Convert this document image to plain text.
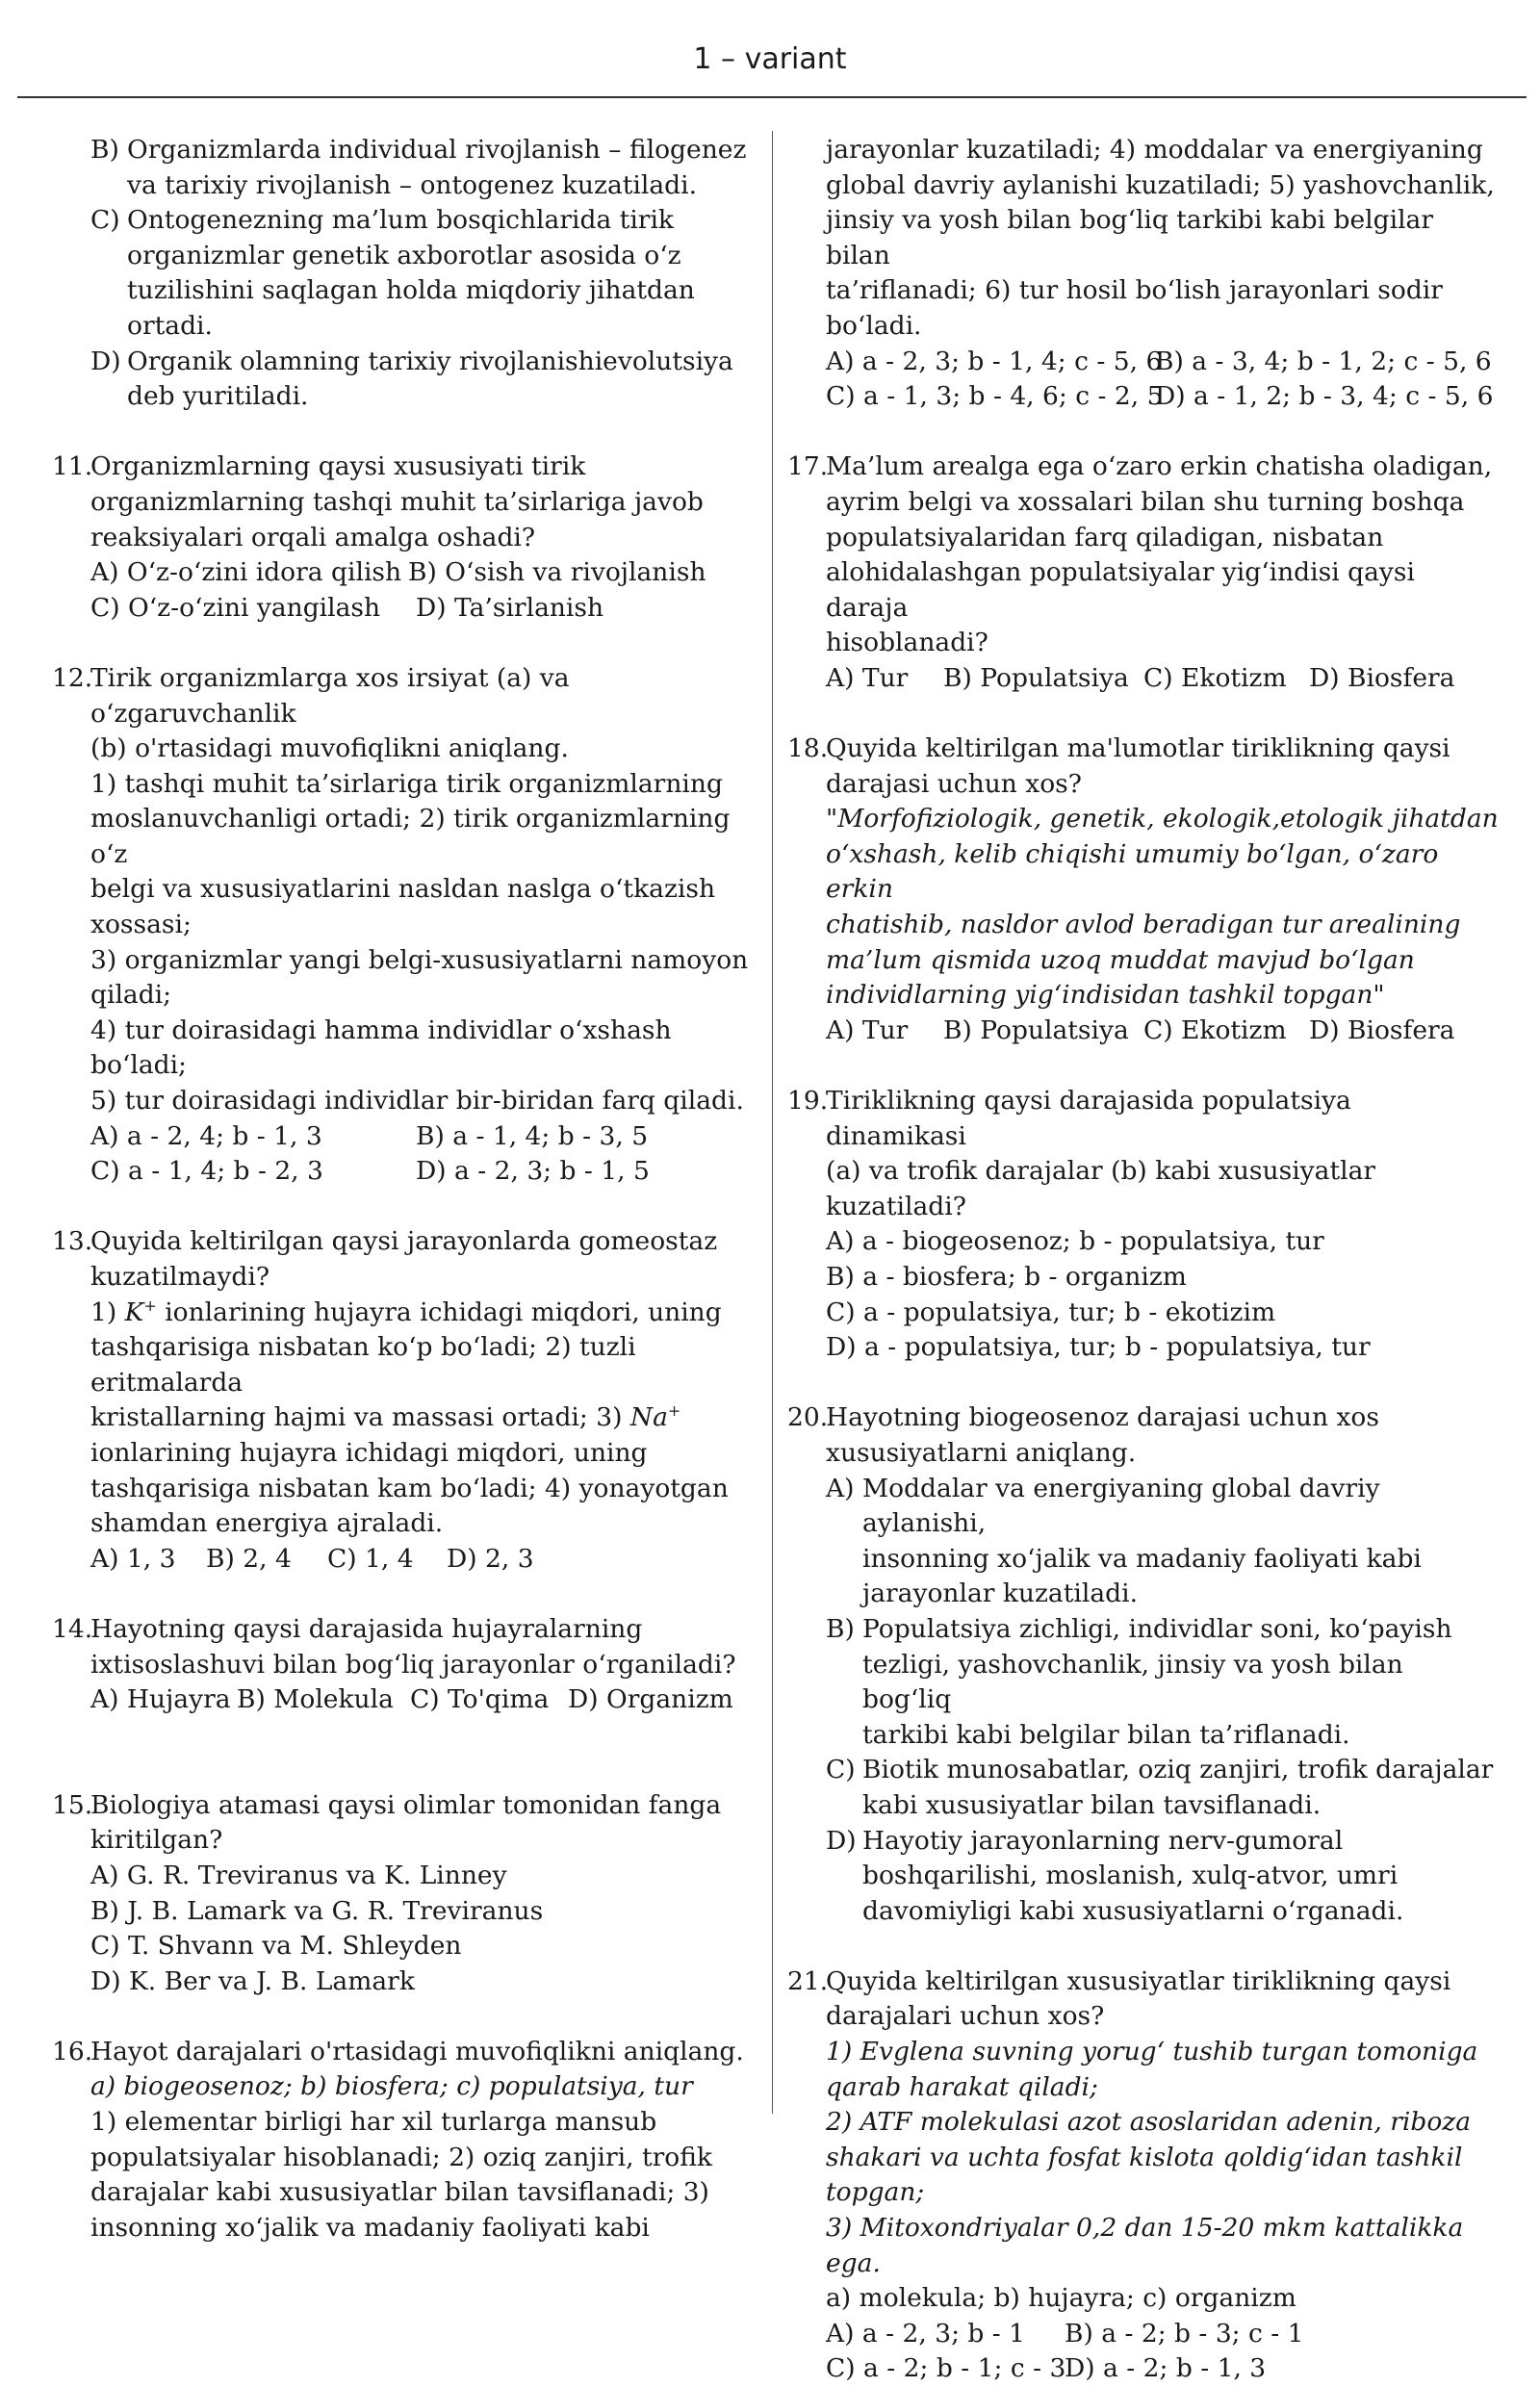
1 – variant
B) Organizmlarda individual rivojlanish – filogenez
va tarixiy rivojlanish – ontogenez kuzatiladi.
C) Ontogenezning ma’lum bosqichlarida tirik
organizmlar genetik axborotlar asosida o‘z
tuzilishini saqlagan holda miqdoriy jihatdan
ortadi.
D) Organik olamning tarixiy rivojlanishievolutsiya
deb yuritiladi.
11.
Organizmlarning qaysi xususiyati tirik
organizmlarning tashqi muhit ta’sirlariga javob
reaksiyalari orqali amalga oshadi?
A) O‘z-o‘zini idora qilish B) O‘sish va rivojlanish
C) O‘z-o‘zini yangilash	D) Ta’sirlanish
12.
Tirik organizmlarga xos irsiyat (a) va o‘zgaruvchanlik
(b) o'rtasidagi muvofiqlikni aniqlang.
1) tashqi muhit ta’sirlariga tirik organizmlarning
moslanuvchanligi ortadi; 2) tirik organizmlarning o‘z
belgi va xususiyatlarini nasldan naslga o‘tkazish
xossasi;
3) organizmlar yangi belgi-xususiyatlarni namoyon
qiladi;
4) tur doirasidagi hamma individlar o‘xshash bo‘ladi;
5) tur doirasidagi individlar bir-biridan farq qiladi.
A) a - 2, 4; b - 1, 3	B) a - 1, 4; b - 3, 5
C) a - 1, 4; b - 2, 3	D) a - 2, 3; b - 1, 5
13.
Quyida keltirilgan qaysi jarayonlarda gomeostaz
kuzatilmaydi?
1) K+ ionlarining hujayra ichidagi miqdori, uning
tashqarisiga nisbatan ko‘p bo‘ladi; 2) tuzli eritmalarda
kristallarning hajmi va massasi ortadi; 3) Na+
ionlarining hujayra ichidagi miqdori, uning
tashqarisiga nisbatan kam bo‘ladi; 4) yonayotgan
shamdan energiya ajraladi.
A) 1, 3	B) 2, 4	C) 1, 4	D) 2, 3
14.
Hayotning qaysi darajasida hujayralarning
ixtisoslashuvi bilan bog‘liq jarayonlar o‘rganiladi?
A) Hujayra B) Molekula C) To'qima D) Organizm
15.
Biologiya atamasi qaysi olimlar tomonidan fanga
kiritilgan?
A) G. R. Treviranus va K. Linney
B) J. B. Lamark va G. R. Treviranus
C) T. Shvann va M. Shleyden
D) K. Ber va J. B. Lamark
16.
Hayot darajalari o'rtasidagi muvofiqlikni aniqlang.
a) biogeosenoz; b) biosfera; c) populatsiya, tur
1) elementar birligi har xil turlarga mansub
populatsiyalar hisoblanadi; 2) oziq zanjiri, trofik
darajalar kabi xususiyatlar bilan tavsiflanadi; 3)
insonning xo‘jalik va madaniy faoliyati kabi
jarayonlar kuzatiladi; 4) moddalar va energiyaning
global davriy aylanishi kuzatiladi; 5) yashovchanlik,
jinsiy va yosh bilan bog‘liq tarkibi kabi belgilar bilan
ta’riflanadi; 6) tur hosil bo‘lish jarayonlari sodir
bo‘ladi.
A) a - 2, 3; b - 1, 4; c - 5, 6
B) a - 3, 4; b - 1, 2; c - 5, 6
C) a - 1, 3; b - 4, 6; c - 2, 5
D) a - 1, 2; b - 3, 4; c - 5, 6
17.
Ma’lum arealga ega o‘zaro erkin chatisha oladigan,
ayrim belgi va xossalari bilan shu turning boshqa
populatsiyalaridan farq qiladigan, nisbatan
alohidalashgan populatsiyalar yig‘indisi qaysi daraja
hisoblanadi?
A) Tur	B) Populatsiya C) Ekotizm D) Biosfera
18.
Quyida keltirilgan ma'lumotlar tiriklikning qaysi
darajasi uchun xos?
"Morfofiziologik, genetik, ekologik,etologik jihatdan
o‘xshash, kelib chiqishi umumiy bo‘lgan, o‘zaro erkin
chatishib, nasldor avlod beradigan tur arealining
ma’lum qismida uzoq muddat mavjud bo‘lgan
individlarning yig‘indisidan tashkil topgan"
A) Tur	B) Populatsiya C) Ekotizm D) Biosfera
19.
Tiriklikning qaysi darajasida populatsiya dinamikasi
(a) va trofik darajalar (b) kabi xususiyatlar kuzatiladi?
A) a - biogeosenoz; b - populatsiya, tur
B) a - biosfera; b - organizm
C) a - populatsiya, tur; b - ekotizim
D) a - populatsiya, tur; b - populatsiya, tur
20.
Hayotning biogeosenoz darajasi uchun xos
xususiyatlarni aniqlang.
A) Moddalar va energiyaning global davriy aylanishi,
insonning xo‘jalik va madaniy faoliyati kabi
jarayonlar kuzatiladi.
B) Populatsiya zichligi, individlar soni, ko‘payish
tezligi, yashovchanlik, jinsiy va yosh bilan bog‘liq
tarkibi kabi belgilar bilan ta’riflanadi.
C) Biotik munosabatlar, oziq zanjiri, trofik darajalar
kabi xususiyatlar bilan tavsiflanadi.
D) Hayotiy jarayonlarning nerv-gumoral
boshqarilishi, moslanish, xulq-atvor, umri
davomiyligi kabi xususiyatlarni o‘rganadi.
21.
Quyida keltirilgan xususiyatlar tiriklikning qaysi
darajalari uchun xos?
1) Evglena suvning yorug‘ tushib turgan tomoniga
qarab harakat qiladi;
2) ATF molekulasi azot asoslaridan adenin, riboza
shakari va uchta fosfat kislota qoldig‘idan tashkil
topgan;
3) Mitoxondriyalar 0,2 dan 15-20 mkm kattalikka ega.
a) molekula; b) hujayra; c) organizm
A) a - 2, 3; b - 1	B) a - 2; b - 3; c - 1
C) a - 2; b - 1; c - 3
D) a - 2; b - 1, 3
